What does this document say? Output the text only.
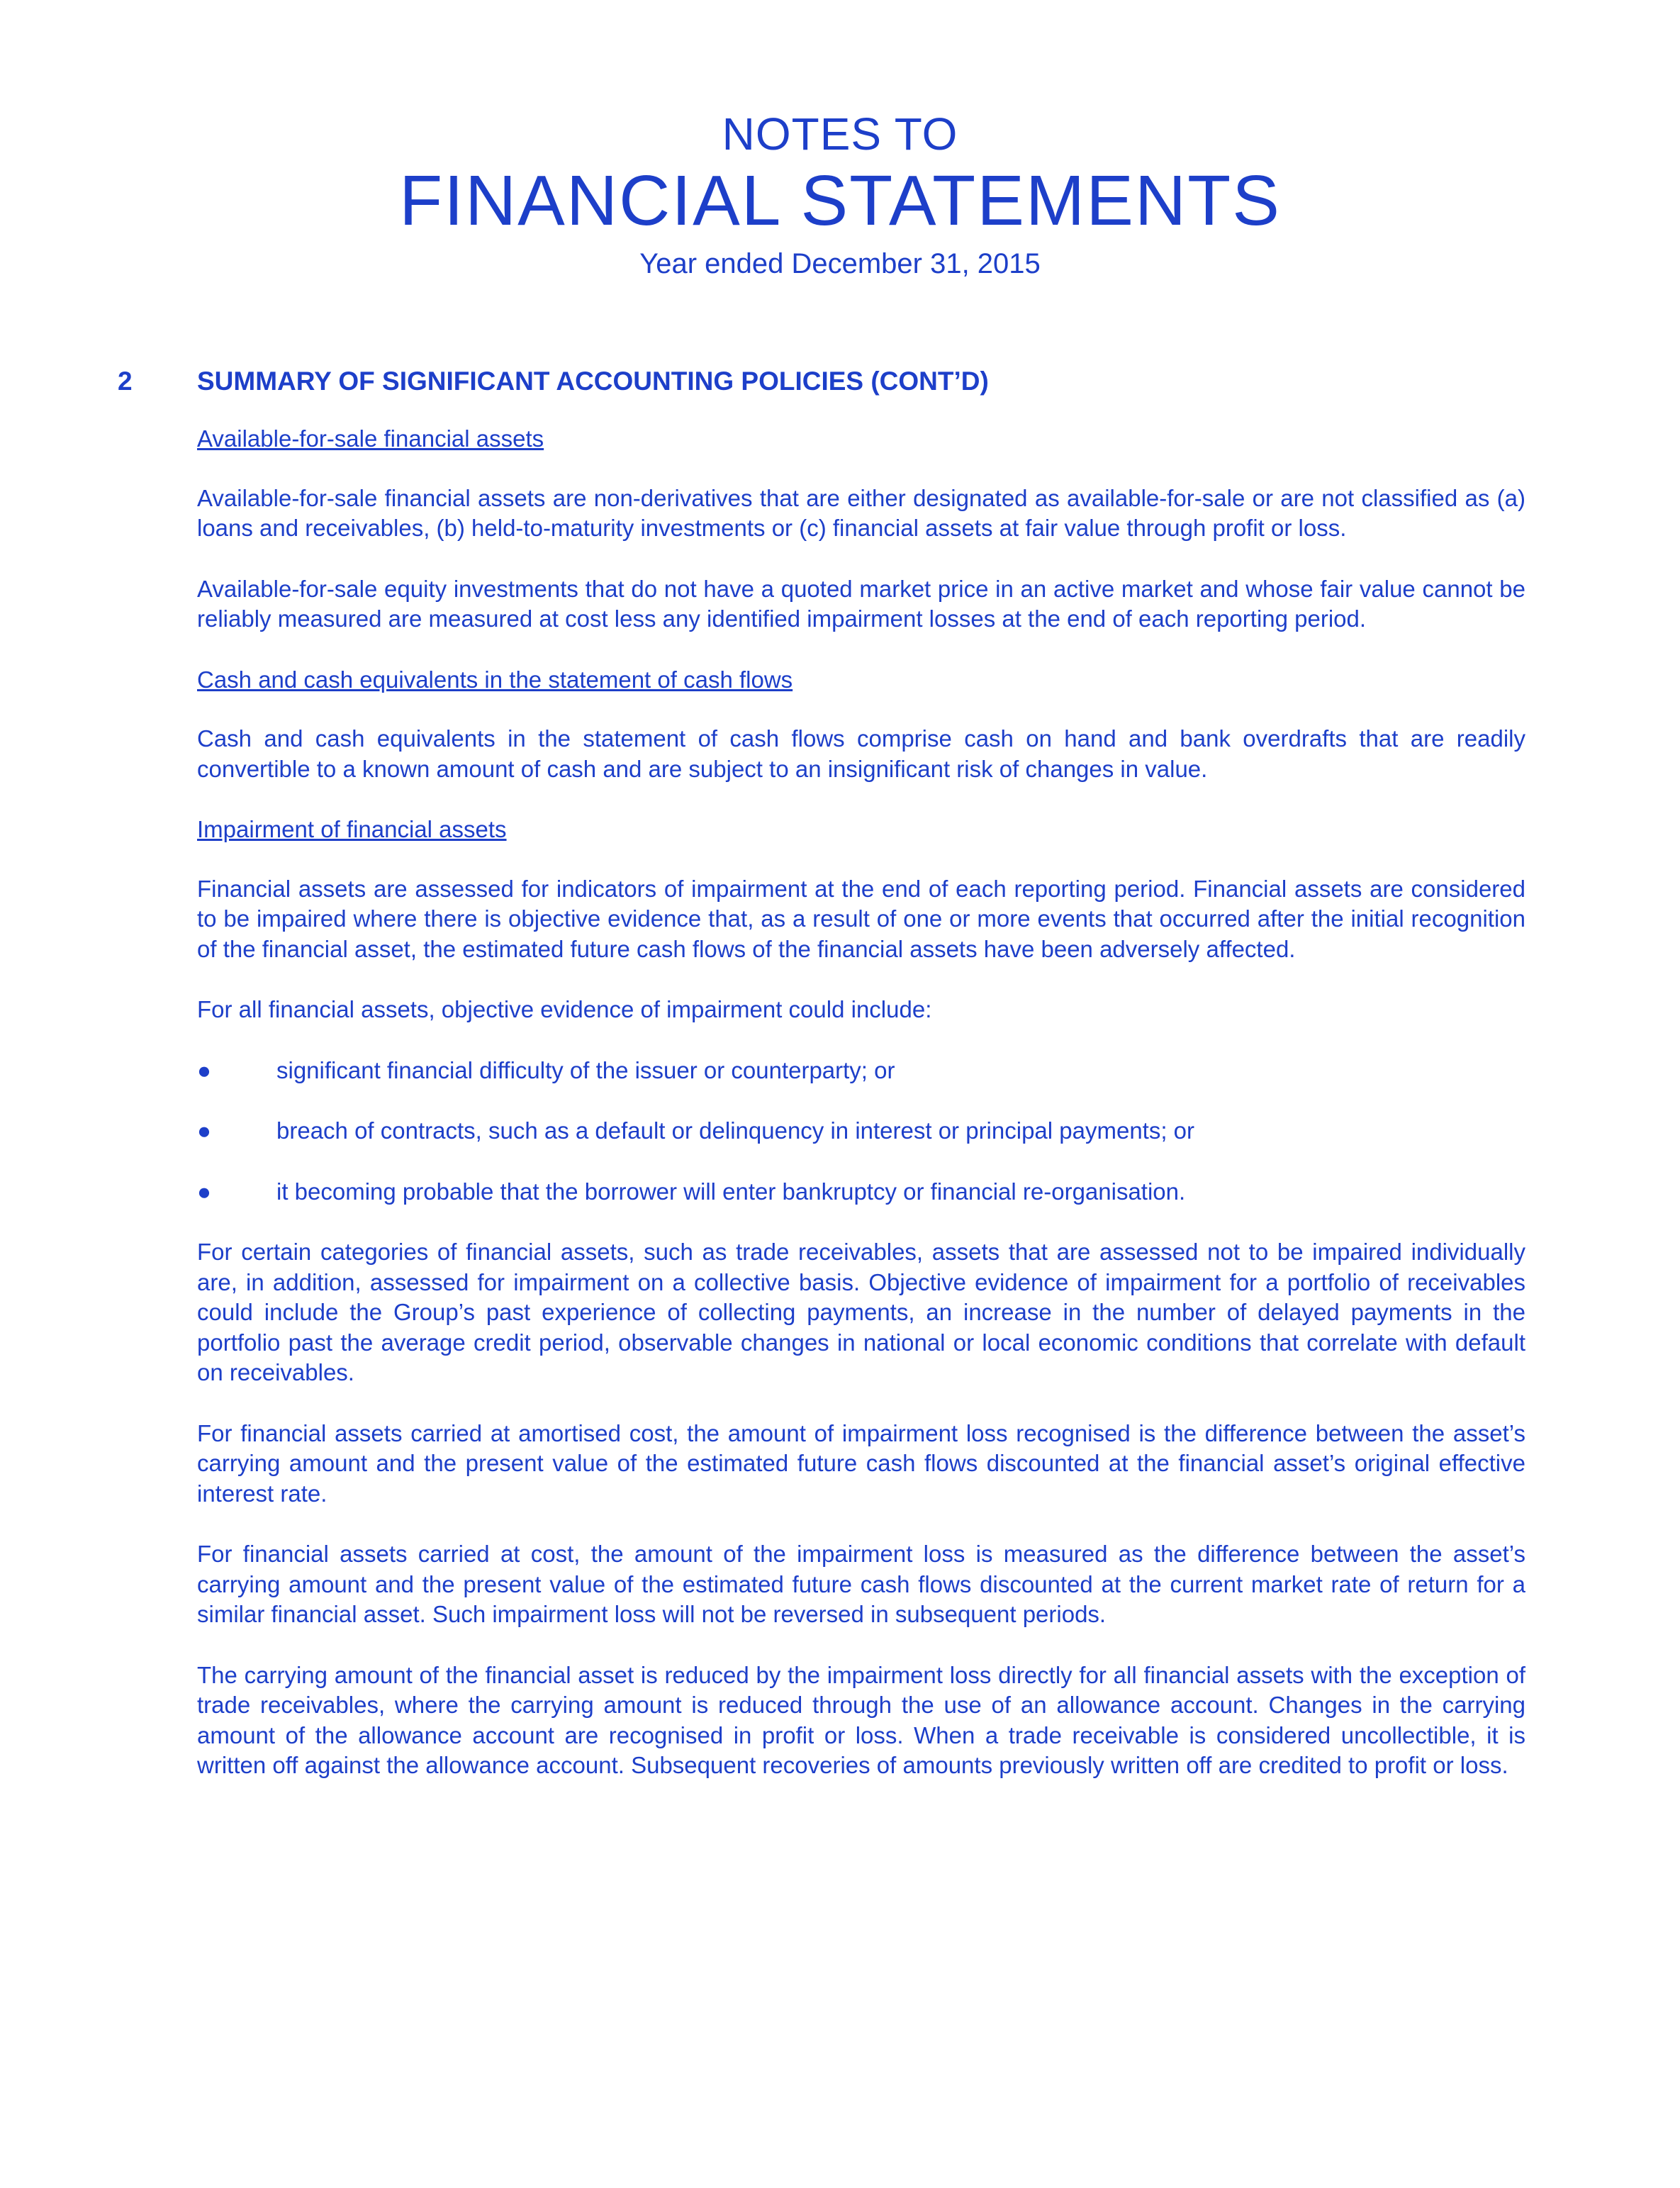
NOTES TO
FINANCIAL STATEMENTS
Year ended December 31, 2015
2 SUMMARY OF SIGNIFICANT ACCOUNTING POLICIES (CONT’D)
Available-for-sale financial assets
Available-for-sale financial assets are non-derivatives that are either designated as available-for-sale or are not classified as (a) loans and receivables, (b) held-to-maturity investments or (c) financial assets at fair value through profit or loss.
Available-for-sale equity investments that do not have a quoted market price in an active market and whose fair value cannot be reliably measured are measured at cost less any identified impairment losses at the end of each reporting period.
Cash and cash equivalents in the statement of cash flows
Cash and cash equivalents in the statement of cash flows comprise cash on hand and bank overdrafts that are readily convertible to a known amount of cash and are subject to an insignificant risk of changes in value.
Impairment of financial assets
Financial assets are assessed for indicators of impairment at the end of each reporting period. Financial assets are considered to be impaired where there is objective evidence that, as a result of one or more events that occurred after the initial recognition of the financial asset, the estimated future cash flows of the financial assets have been adversely affected.
For all financial assets, objective evidence of impairment could include:
●	significant financial difficulty of the issuer or counterparty; or
●	breach of contracts, such as a default or delinquency in interest or principal payments; or
●	it becoming probable that the borrower will enter bankruptcy or financial re-organisation.
For certain categories of financial assets, such as trade receivables, assets that are assessed not to be impaired individually are, in addition, assessed for impairment on a collective basis. Objective evidence of impairment for a portfolio of receivables could include the Group’s past experience of collecting payments, an increase in the number of delayed payments in the portfolio past the average credit period, observable changes in national or local economic conditions that correlate with default on receivables.
For financial assets carried at amortised cost, the amount of impairment loss recognised is the difference between the asset’s carrying amount and the present value of the estimated future cash flows discounted at the financial asset’s original effective interest rate.
For financial assets carried at cost, the amount of the impairment loss is measured as the difference between the asset’s carrying amount and the present value of the estimated future cash flows discounted at the current market rate of return for a similar financial asset. Such impairment loss will not be reversed in subsequent periods.
The carrying amount of the financial asset is reduced by the impairment loss directly for all financial assets with the exception of trade receivables, where the carrying amount is reduced through the use of an allowance account. Changes in the carrying amount of the allowance account are recognised in profit or loss. When a trade receivable is considered uncollectible, it is written off against the allowance account. Subsequent recoveries of amounts previously written off are credited to profit or loss.
